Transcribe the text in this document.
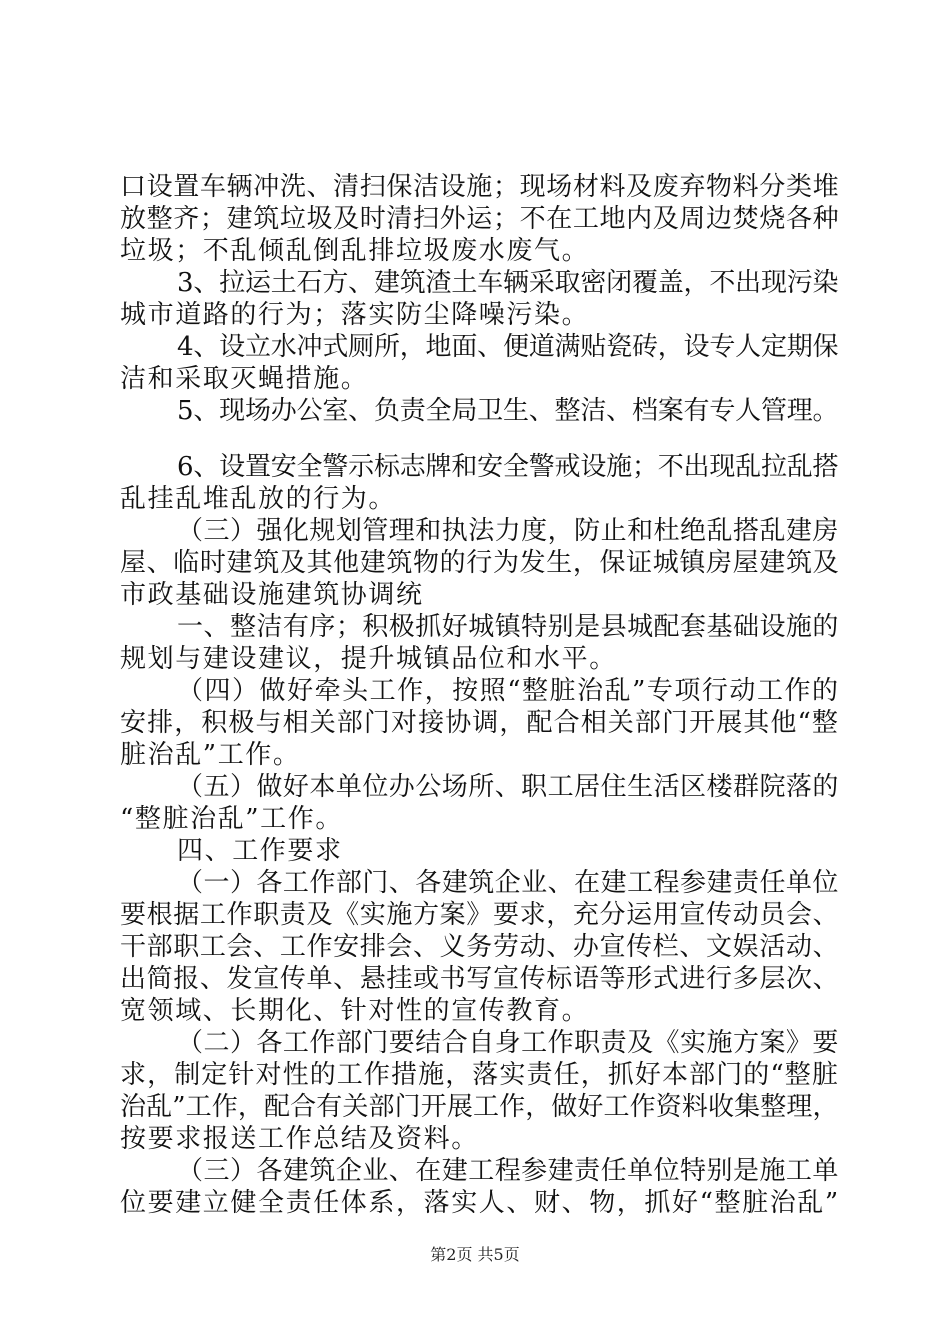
口设置车辆冲洗、清扫保洁设施；现场材料及废弃物料分类堆
放整齐；建筑垃圾及时清扫外运；不在工地内及周边焚烧各种
垃圾；不乱倾乱倒乱排垃圾废水废气。
3、拉运土石方、建筑渣土车辆采取密闭覆盖，不出现污染
城市道路的行为；落实防尘降噪污染。
4、设立水冲式厕所，地面、便道满贴瓷砖，设专人定期保
洁和采取灭蝇措施。
5、现场办公室、负责全局卫生、整洁、档案有专人管理。
6、设置安全警示标志牌和安全警戒设施；不出现乱拉乱搭
乱挂乱堆乱放的行为。
（三）强化规划管理和执法力度，防止和杜绝乱搭乱建房
屋、临时建筑及其他建筑物的行为发生，保证城镇房屋建筑及
市政基础设施建筑协调统
一、整洁有序；积极抓好城镇特别是县城配套基础设施的
规划与建设建议，提升城镇品位和水平。
（四）做好牵头工作，按照“整脏治乱”专项行动工作的
安排，积极与相关部门对接协调，配合相关部门开展其他“整
脏治乱”工作。
（五）做好本单位办公场所、职工居住生活区楼群院落的
“整脏治乱”工作。
四、工作要求
（一）各工作部门、各建筑企业、在建工程参建责任单位
要根据工作职责及《实施方案》要求，充分运用宣传动员会、
干部职工会、工作安排会、义务劳动、办宣传栏、文娱活动、
出简报、发宣传单、悬挂或书写宣传标语等形式进行多层次、
宽领域、长期化、针对性的宣传教育。
（二）各工作部门要结合自身工作职责及《实施方案》要
求，制定针对性的工作措施，落实责任，抓好本部门的“整脏
治乱”工作，配合有关部门开展工作，做好工作资料收集整理，
按要求报送工作总结及资料。
（三）各建筑企业、在建工程参建责任单位特别是施工单
位要建立健全责任体系，落实人、财、物，抓好“整脏治乱”
第2页 共5页
